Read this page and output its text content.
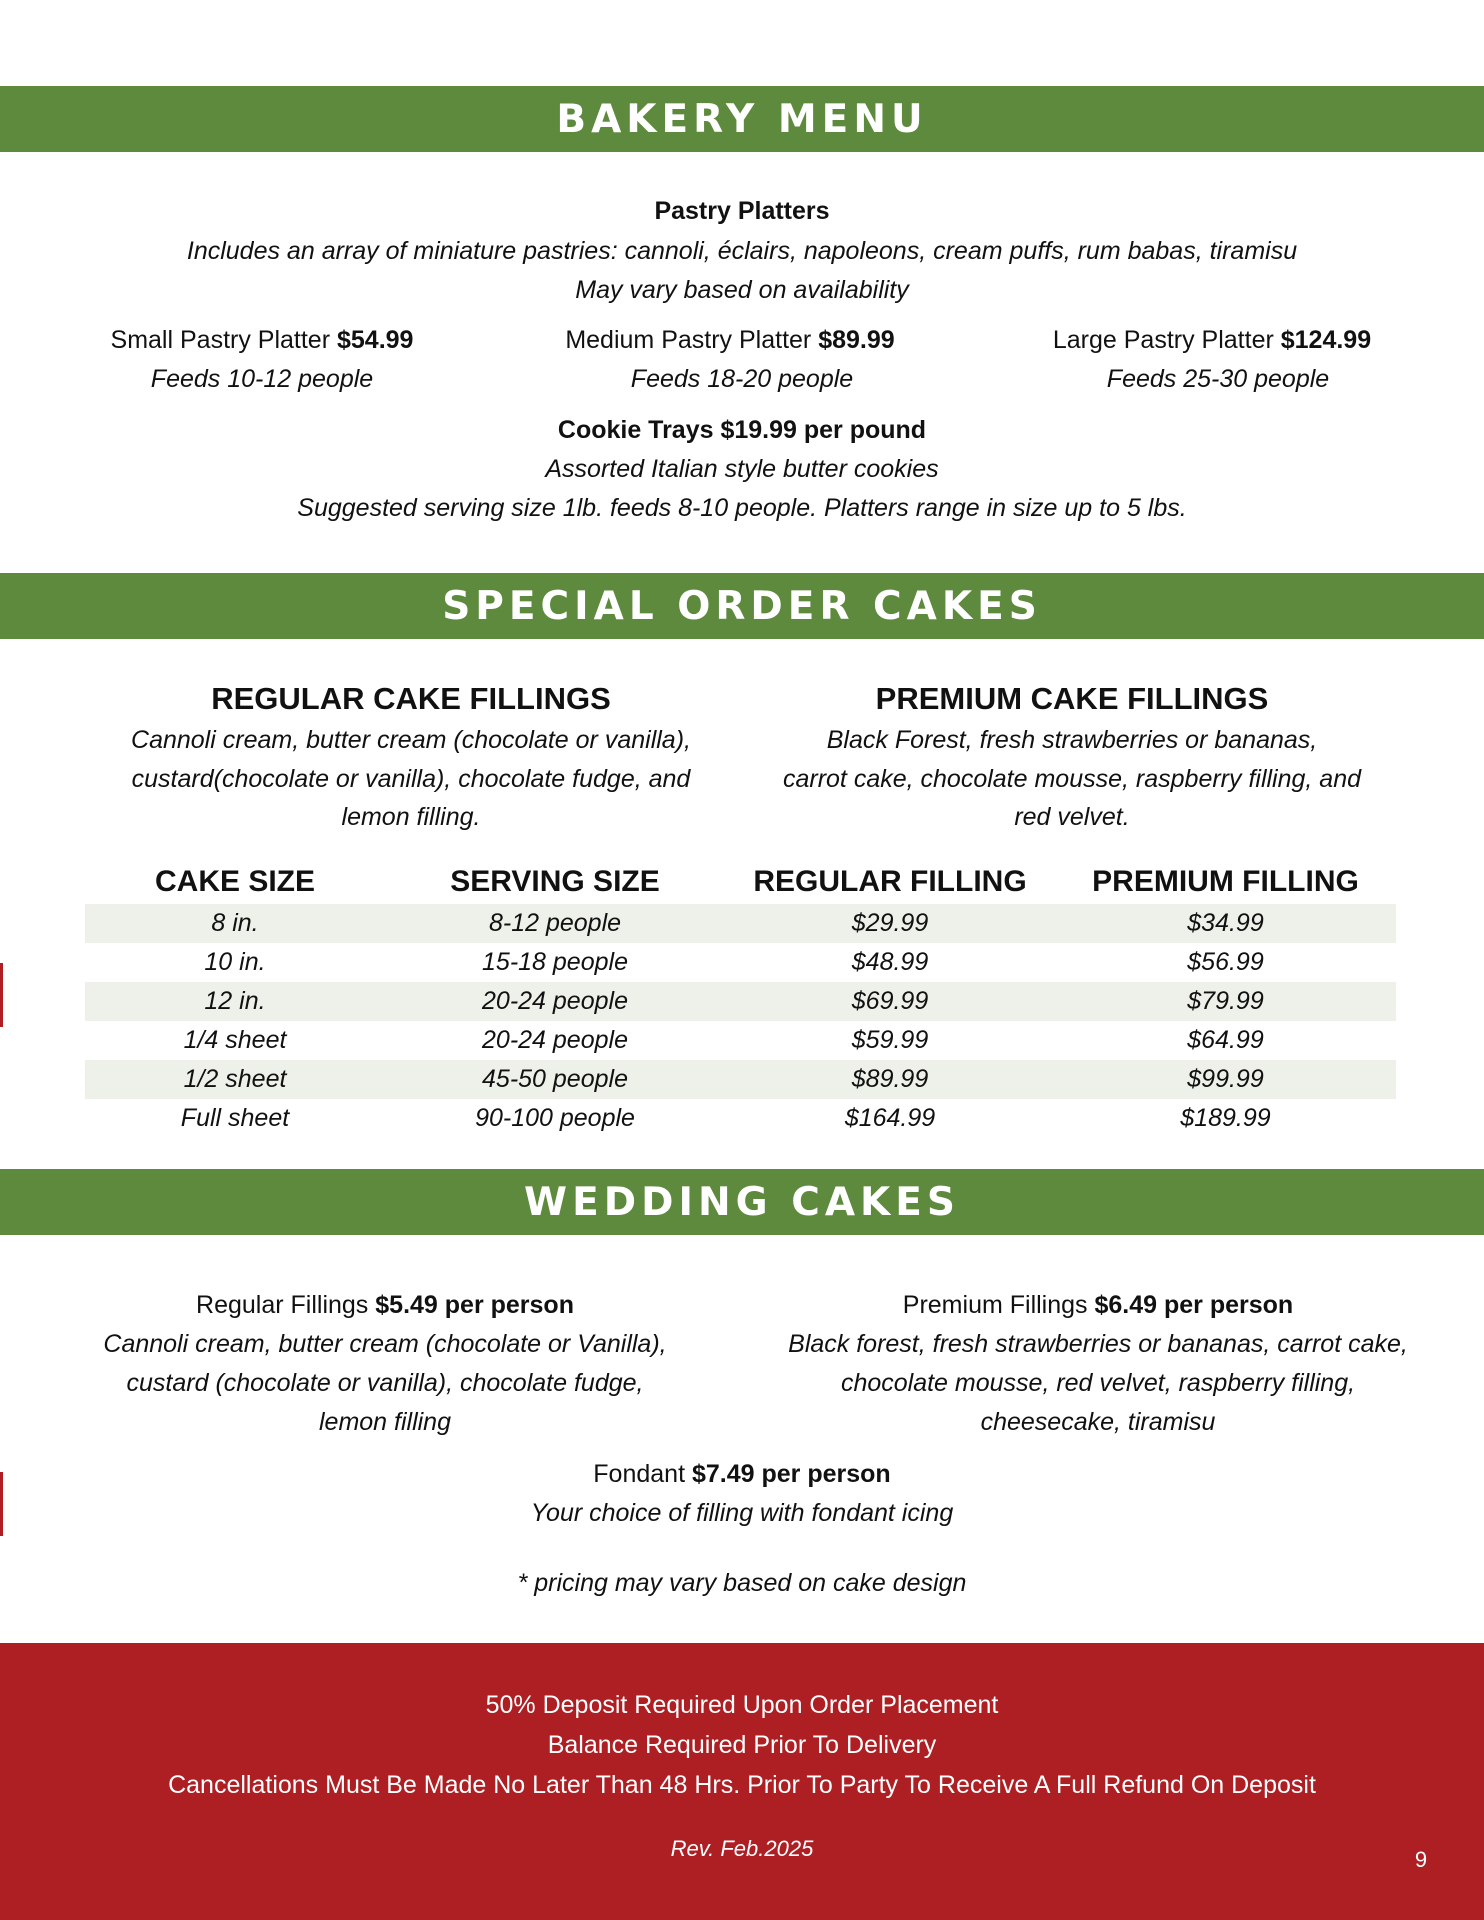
BAKERY MENU
Pastry Platters
Includes an array of miniature pastries: cannoli, éclairs, napoleons, cream puffs, rum babas, tiramisu
May vary based on availability
Small Pastry Platter $54.99
Feeds 10-12 people
Medium Pastry Platter $89.99
Feeds 18-20 people
Large Pastry Platter $124.99
Feeds 25-30 people
Cookie Trays $19.99 per pound
Assorted Italian style butter cookies
Suggested serving size 1lb. feeds 8-10 people. Platters range in size up to 5 lbs.
SPECIAL ORDER CAKES
REGULAR CAKE FILLINGS
Cannoli cream, butter cream (chocolate or vanilla),
custard(chocolate or vanilla), chocolate fudge, and
lemon filling.
PREMIUM CAKE FILLINGS
Black Forest, fresh strawberries or bananas,
carrot cake, chocolate mousse, raspberry filling, and
red velvet.
CAKE SIZE	SERVING SIZE	REGULAR FILLING	PREMIUM FILLING
8 in.	8-12 people	$29.99	$34.99
10 in.	15-18 people	$48.99	$56.99
12 in.	20-24 people	$69.99	$79.99
1/4 sheet	20-24 people	$59.99	$64.99
1/2 sheet	45-50 people	$89.99	$99.99
Full sheet	90-100 people	$164.99	$189.99
WEDDING CAKES
Regular Fillings $5.49 per person
Cannoli cream, butter cream (chocolate or Vanilla),
custard (chocolate or vanilla), chocolate fudge,
lemon filling
Premium Fillings $6.49 per person
Black forest, fresh strawberries or bananas, carrot cake,
chocolate mousse, red velvet, raspberry filling,
cheesecake, tiramisu
Fondant $7.49 per person
Your choice of filling with fondant icing
* pricing may vary based on cake design
50% Deposit Required Upon Order Placement
Balance Required Prior To Delivery
Cancellations Must Be Made No Later Than 48 Hrs. Prior To Party To Receive A Full Refund On Deposit
Rev. Feb.2025	9
